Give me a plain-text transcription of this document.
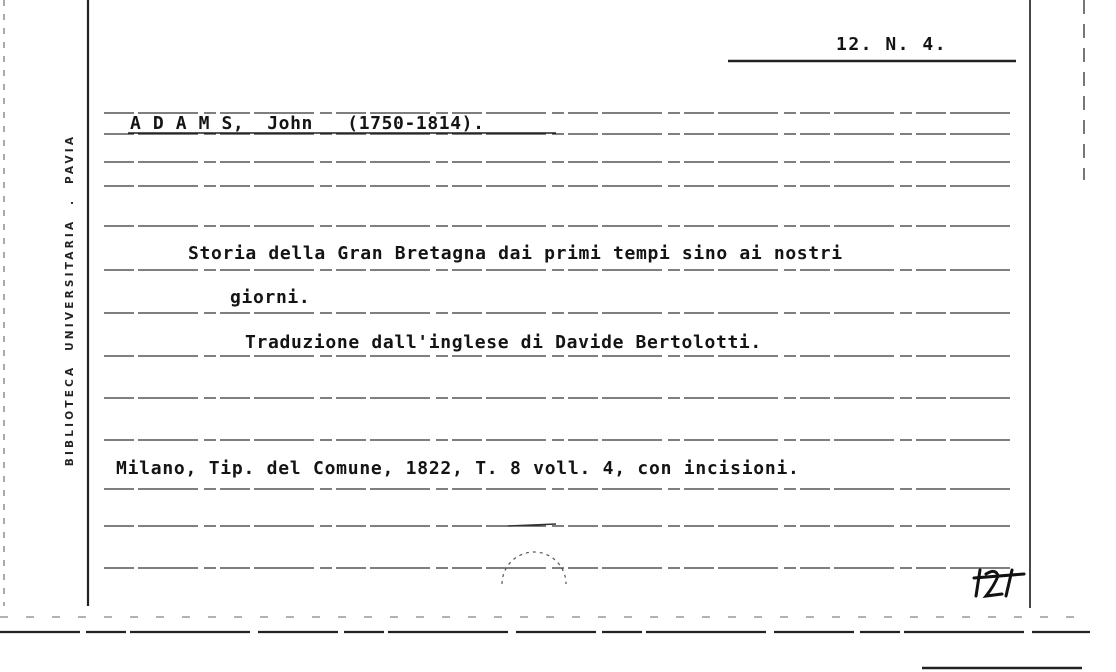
BIBLIOTECA  UNIVERSITARIA  .  PAVIA
12. N. 4.
A D A M S,  John   (1750-1814).
Storia della Gran Bretagna dai primi tempi sino ai nostri
giorni.
Traduzione dall'inglese di Davide Bertolotti.
Milano, Tip. del Comune, 1822, T. 8 voll. 4, con incisioni.
